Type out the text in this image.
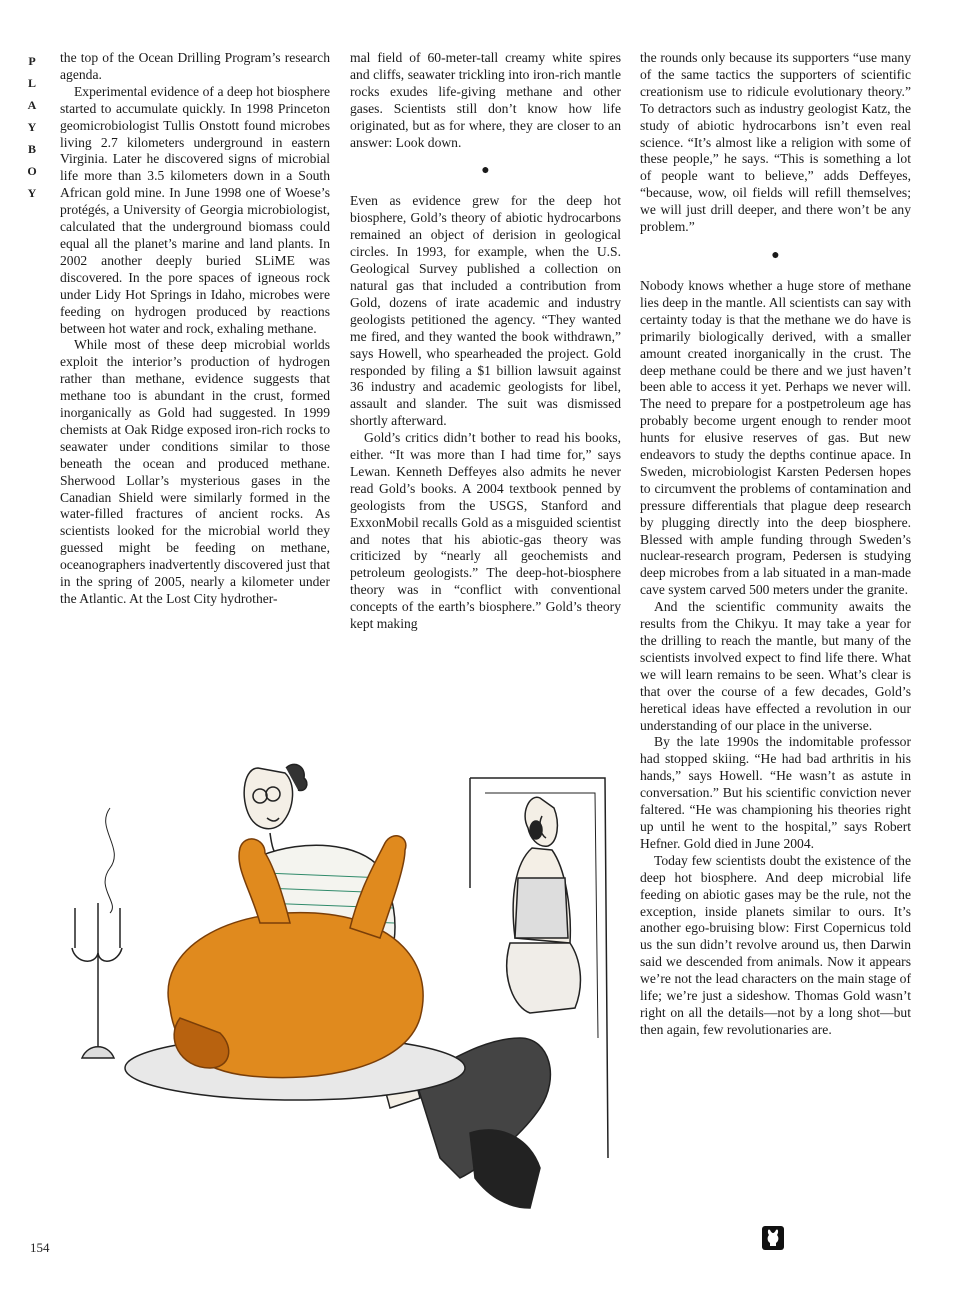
P
L
A
Y
B
O
Y

the top of the Ocean Drilling Program’s research agenda.

Experimental evidence of a deep hot biosphere started to accumulate quickly. In 1998 Princeton geomicrobiologist Tullis Onstott found microbes living 2.7 kilometers underground in eastern Virginia. Later he discovered signs of microbial life more than 3.5 kilometers down in a South African gold mine. In June 1998 one of Woese’s protégés, a University of Georgia microbiologist, calculated that the underground biomass could equal all the planet’s marine and land plants. In 2002 another deeply buried SLiME was discovered. In the pore spaces of igneous rock under Lidy Hot Springs in Idaho, microbes were feeding on hydrogen produced by reactions between hot water and rock, exhaling methane.

While most of these deep microbial worlds exploit the interior’s production of hydrogen rather than methane, evidence suggests that methane too is abundant in the crust, formed inorganically as Gold had suggested. In 1999 chemists at Oak Ridge exposed iron-rich rocks to seawater under conditions similar to those beneath the ocean and produced methane. Sherwood Lollar’s mysterious gases in the Canadian Shield were similarly formed in the water-filled fractures of ancient rocks. As scientists looked for the microbial world they guessed might be feeding on methane, oceanographers inadvertently discovered just that in the spring of 2005, nearly a kilometer under the Atlantic. At the Lost City hydrother-

mal field of 60-meter-tall creamy white spires and cliffs, seawater trickling into iron-rich mantle rocks exudes life-giving methane and other gases. Scientists still don’t know how life originated, but as for where, they are closer to an answer: Look down.

●

Even as evidence grew for the deep hot biosphere, Gold’s theory of abiotic hydrocarbons remained an object of derision in geological circles. In 1993, for example, when the U.S. Geological Survey published a collection on natural gas that included a contribution from Gold, dozens of irate academic and industry geologists petitioned the agency. “They wanted me fired, and they wanted the book withdrawn,” says Howell, who spearheaded the project. Gold responded by filing a $1 billion lawsuit against 36 industry and academic geologists for libel, assault and slander. The suit was dismissed shortly afterward.

Gold’s critics didn’t bother to read his books, either. “It was more than I had time for,” says Lewan. Kenneth Deffeyes also admits he never read Gold’s books. A 2004 textbook penned by geologists from the USGS, Stanford and ExxonMobil recalls Gold as a misguided scientist and notes that his abiotic-gas theory was criticized by “nearly all geochemists and petroleum geologists.” The deep-hot-biosphere theory was in “conflict with conventional concepts of the earth’s biosphere.” Gold’s theory kept making

the rounds only because its supporters “use many of the same tactics the supporters of scientific creationism use to ridicule evolutionary theory.” To detractors such as industry geologist Katz, the study of abiotic hydrocarbons isn’t even real science. “It’s almost like a religion with some of these people,” he says. “This is something a lot of people want to believe,” adds Deffeyes, “because, wow, oil fields will refill themselves; we will just drill deeper, and there won’t be any problem.”

●

Nobody knows whether a huge store of methane lies deep in the mantle. All scientists can say with certainty today is that the methane we do have is primarily biologically derived, with a smaller amount created inorganically in the crust. The deep methane could be there and we just haven’t been able to access it yet. Perhaps we never will. The need to prepare for a postpetroleum age has probably become urgent enough to render moot hunts for elusive reserves of gas. But new endeavors to study the depths continue apace. In Sweden, microbiologist Karsten Pedersen hopes to circumvent the problems of contamination and pressure differentials that plague deep research by plugging directly into the deep biosphere. Blessed with ample funding through Sweden’s nuclear-research program, Pedersen is studying deep microbes from a lab situated in a man-made cave system carved 500 meters under the granite.

And the scientific community awaits the results from the Chikyu. It may take a year for the drilling to reach the mantle, but many of the scientists involved expect to find life there. What we will learn remains to be seen. What’s clear is that over the course of a few decades, Gold’s heretical ideas have effected a revolution in our understanding of our place in the universe.

By the late 1990s the indomitable professor had stopped skiing. “He had bad arthritis in his hands,” says Howell. “He wasn’t as astute in conversation.” But his scientific conviction never faltered. “He was championing his theories right up until he went to the hospital,” says Robert Hefner. Gold died in June 2004.

Today few scientists doubt the existence of the deep hot biosphere. And deep microbial life feeding on abiotic gases may be the rule, not the exception, inside planets similar to ours. It’s another ego-bruising blow: First Copernicus told us the sun didn’t revolve around us, then Darwin said we descended from animals. Now it appears we’re not the lead characters on the main stage of life; we’re just a sideshow. Thomas Gold wasn’t right on all the details—not by a long shot—but then again, few revolutionaries are.

154
